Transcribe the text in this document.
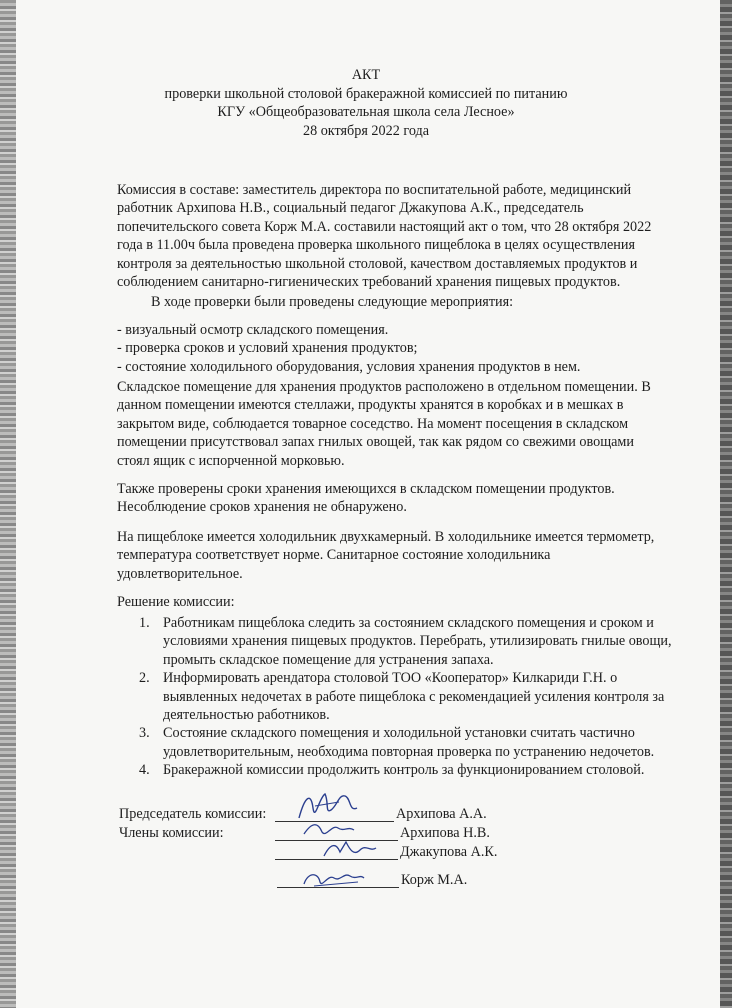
АКТ
проверки школьной столовой бракеражной комиссией по питанию
КГУ «Общеобразовательная школа села Лесное»
28 октября 2022 года
Комиссия в составе: заместитель директора по воспитательной работе, медицинский
работник Архипова Н.В., социальный педагог Джакупова А.К., председатель
попечительского совета Корж М.А. составили настоящий акт о том, что 28 октября 2022
года в 11.00ч была проведена проверка школьного пищеблока в целях осуществления
контроля за деятельностью школьной столовой, качеством доставляемых продуктов и
соблюдением санитарно-гигиенических требований хранения пищевых продуктов.
В ходе проверки были проведены следующие мероприятия:
- визуальный осмотр складского помещения.
- проверка сроков и условий хранения продуктов;
- состояние холодильного оборудования, условия хранения продуктов в нем.
Складское помещение для хранения продуктов расположено в отдельном помещении. В
данном помещении имеются стеллажи, продукты хранятся в коробках и в мешках в
закрытом виде, соблюдается товарное соседство. На момент посещения в складском
помещении присутствовал запах гнилых овощей, так как рядом со свежими овощами
стоял ящик с испорченной морковью.
Также проверены сроки хранения имеющихся в складском помещении продуктов.
Несоблюдение сроков хранения не обнаружено.
На пищеблоке имеется холодильник двухкамерный. В холодильнике имеется термометр,
температура соответствует норме. Санитарное состояние холодильника
удовлетворительное.
Решение комиссии:
1. Работникам пищеблока следить за состоянием складского помещения и сроком и
условиями хранения пищевых продуктов. Перебрать, утилизировать гнилые овощи,
промыть складское помещение для устранения запаха.
2. Информировать арендатора столовой ТОО «Кооператор» Килкариди Г.Н. о
выявленных недочетах в работе пищеблока с рекомендацией усиления контроля за
деятельностью работников.
3. Состояние складского помещения и холодильной установки считать частично
удовлетворительным, необходима повторная проверка по устранению недочетов.
4. Бракеражной комиссии продолжить контроль за функционированием столовой.
Председатель комиссии:
Члены комиссии:
Архипова А.А.
Архипова Н.В.
Джакупова А.К.
Корж М.А.
